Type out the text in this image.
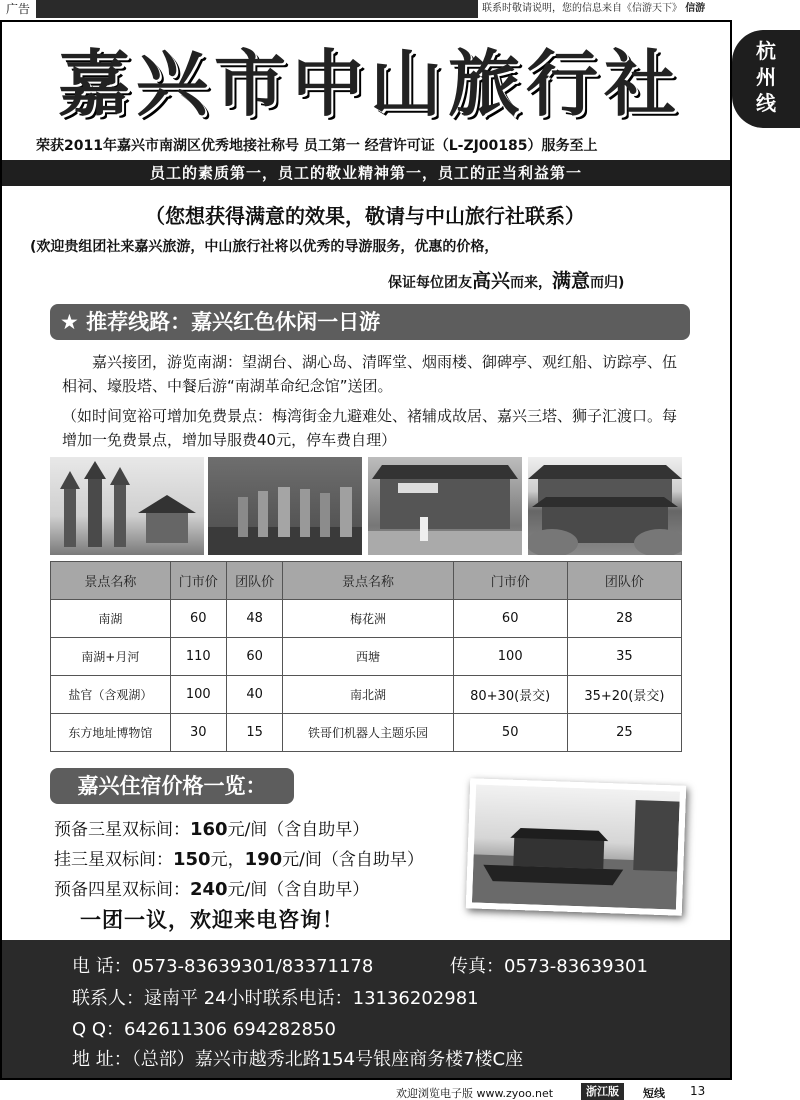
广告	联系时敬请说明，您的信息来自《信游天下》 信游
杭
州
线
嘉兴市中山旅行社
荣获2011年嘉兴市南湖区优秀地接社称号 员工第一 经营许可证（L-ZJ00185）服务至上
员工的素质第一，员工的敬业精神第一，员工的正当利益第一
（您想获得满意的效果，敬请与中山旅行社联系）
(欢迎贵组团社来嘉兴旅游，中山旅行社将以优秀的导游服务，优惠的价格，
保证每位团友高兴而来，满意而归)
★ 推荐线路：嘉兴红色休闲一日游
嘉兴接团，游览南湖：望湖台、湖心岛、清晖堂、烟雨楼、御碑亭、观红船、访踪亭、伍相祠、壕股塔、中餐后游“南湖革命纪念馆”送团。
（如时间宽裕可增加免费景点：梅湾街金九避难处、褚辅成故居、嘉兴三塔、狮子汇渡口。每增加一免费景点，增加导服费40元，停车费自理）
景点名称	门市价	团队价	景点名称	门市价	团队价
南湖	60	48	梅花洲	60	28
南湖+月河	110	60	西塘	100	35
盐官（含观湖）	100	40	南北湖	80+30(景交)	35+20(景交)
东方地址博物馆	30	15	铁哥们机器人主题乐园	50	25
嘉兴住宿价格一览：
预备三星双标间：160元/间（含自助早）
挂三星双标间：150元，190元/间（含自助早）
预备四星双标间：240元/间（含自助早）
一团一议，欢迎来电咨询！
电 话：0573-83639301/83371178	传真：0573-83639301
联系人：逯南平 24小时联系电话：13136202981
Q Q：642611306 694282850
地 址：（总部）嘉兴市越秀北路154号银座商务楼7楼C座
欢迎浏览电子版 www.zyoo.net	浙江版	短线 13
